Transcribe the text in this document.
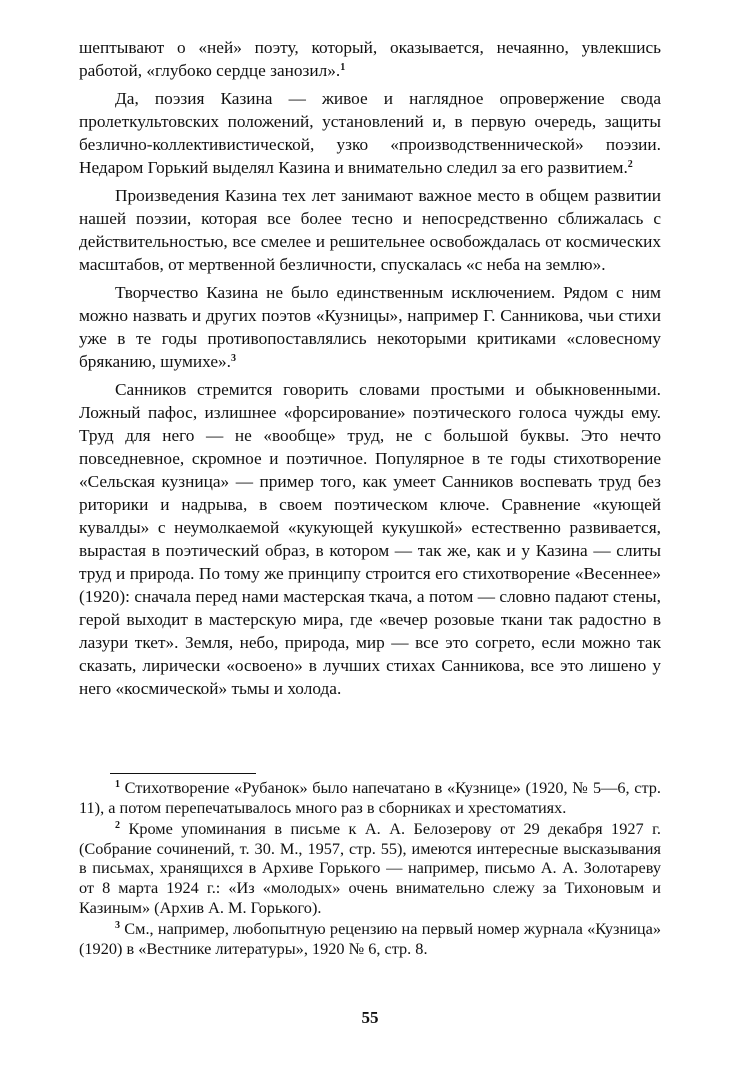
шептывают о «ней» поэту, который, оказывается, нечаянно, увлекшись работой, «глубоко сердце занозил».$^1$

Да, поэзия Казина — живое и наглядное опровержение свода пролеткультовских положений, установлений и, в первую очередь, защиты безлично-коллективистической, узко «производственнической» поэзии. Недаром Горький выделял Казина и внимательно следил за его развитием.$^2$

Произведения Казина тех лет занимают важное место в общем развитии нашей поэзии, которая все более тесно и непосредственно сближалась с действительностью, все смелее и решительнее освобождалась от космических масштабов, от мертвенной безличности, спускалась «с неба на землю».

Творчество Казина не было единственным исключением. Рядом с ним можно назвать и других поэтов «Кузницы», например Г. Санникова, чьи стихи уже в те годы противопоставлялись некоторыми критиками «словесному бряканию, шумихе».$^3$

Санников стремится говорить словами простыми и обыкновенными. Ложный пафос, излишнее «форсирование» поэтического голоса чужды ему. Труд для него — не «вообще» труд, не с большой буквы. Это нечто повседневное, скромное и поэтичное. Популярное в те годы стихотворение «Сельская кузница» — пример того, как умеет Санников воспевать труд без риторики и надрыва, в своем поэтическом ключе. Сравнение «кующей кувалды» с неумолкаемой «кукующей кукушкой» естественно развивается, вырастая в поэтический образ, в котором — так же, как и у Казина — слиты труд и природа. По тому же принципу строится его стихотворение «Весеннее» (1920): сначала перед нами мастерская ткача, а потом — словно падают стены, герой выходит в мастерскую мира, где «вечер розовые ткани так радостно в лазури ткет». Земля, небо, природа, мир — все это согрето, если можно так сказать, лирически «освоено» в лучших стихах Санникова, все это лишено у него «космической» тьмы и холода.

$^1$ Стихотворение «Рубанок» было напечатано в «Кузнице» (1920, № 5—6, стр. 11), а потом перепечатывалось много раз в сборниках и хрестоматиях.

$^2$ Кроме упоминания в письме к А. А. Белозерову от 29 декабря 1927 г. (Собрание сочинений, т. 30. М., 1957, стр. 55), имеются интересные высказывания в письмах, хранящихся в Архиве Горького — например, письмо А. А. Золотареву от 8 марта 1924 г.: «Из «молодых» очень внимательно слежу за Тихоновым и Казиным» (Архив А. М. Горького).

$^3$ См., например, любопытную рецензию на первый номер журнала «Кузница» (1920) в «Вестнике литературы», 1920 № 6, стр. 8.

55
